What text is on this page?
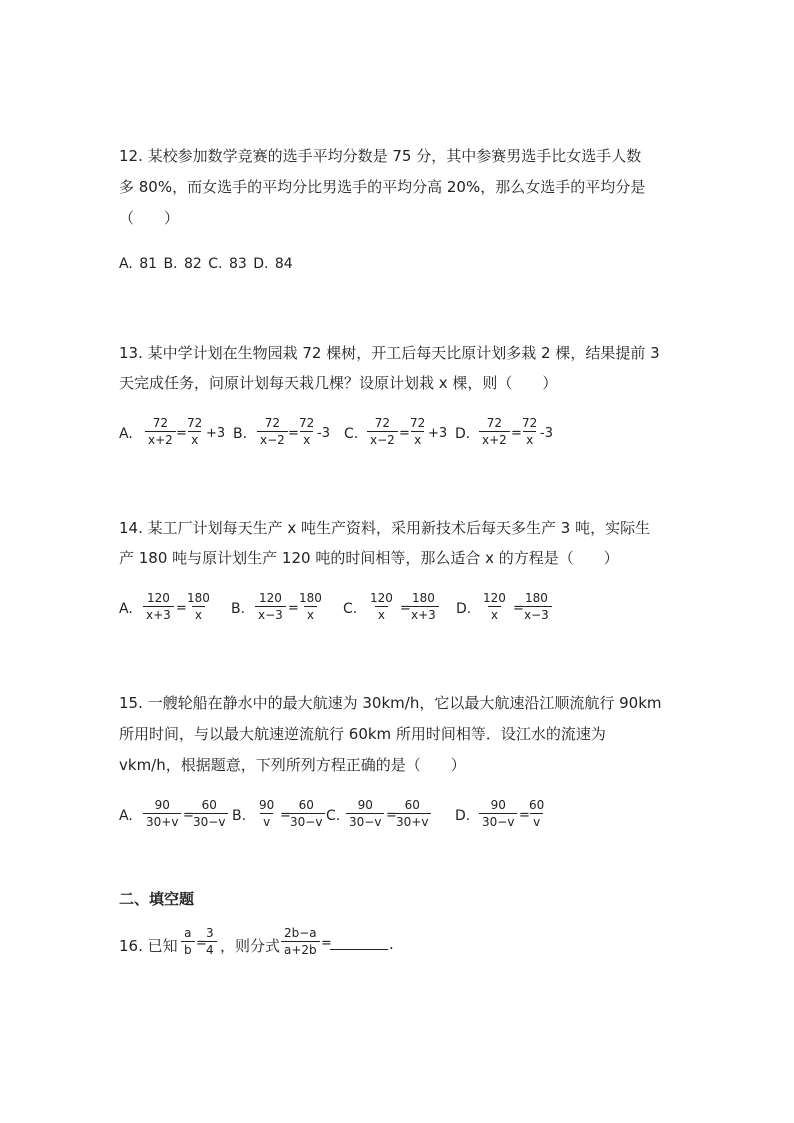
12. 某校参加数学竞赛的选手平均分数是 75 分，其中参赛男选手比女选手人数
多 80%，而女选手的平均分比男选手的平均分高 20%，那么女选手的平均分是
（　　）
A. 81 B. 82 C. 83 D. 84
13. 某中学计划在生物园栽 72 棵树，开工后每天比原计划多栽 2 棵，结果提前 3
天完成任务，问原计划每天栽几棵？设原计划栽 x 棵，则（　　）
A. $\frac{72}{x+2}$ =
$\frac{72}{x} +3$ B. $\frac{72}{x-2}$ =
$\frac{72}{x} -3$ C. $\frac{72}{x-2}$ =
$\frac{72}{x} +3$ D. $\frac{72}{x+2}$ =
$\frac{72}{x} -3$
14. 某工厂计划每天生产 x 吨生产资料，采用新技术后每天多生产 3 吨，实际生
产 180 吨与原计划生产 120 吨的时间相等，那么适合 x 的方程是（　　）
A. $\frac{120}{x+3}$ =
$\frac{180}{x} B$. $\frac{120}{x-3}$ =
$\frac{180}{x} C$. $\frac{120}{x}$ =
$\frac{180}{x+3} D$. $\frac{120}{x}$ =
$\frac{180}{x-3}$
15. 一艘轮船在静水中的最大航速为 30km/h，它以最大航速沿江顺流航行 90km
所用时间，与以最大航速逆流航行 60km 所用时间相等．设江水的流速为
vkm/h，根据题意，下列所列方程正确的是（　　）
A. $\frac{90}{30+v}$ =
$\frac{60}{30-v} B$. $\frac{90}{v}$ =
$\frac{60}{30-v} C$. $\frac{90}{30-v}$ =
$\frac{60}{30+v} D$. $\frac{90}{30-v}$ =
$\frac{60}{v}$
二、填空题
16. 已知 $\frac{a}{b}$ =
$\frac{3}{4}$ ，则分式 $\frac{2b-a}{a+2b}$ =	.
